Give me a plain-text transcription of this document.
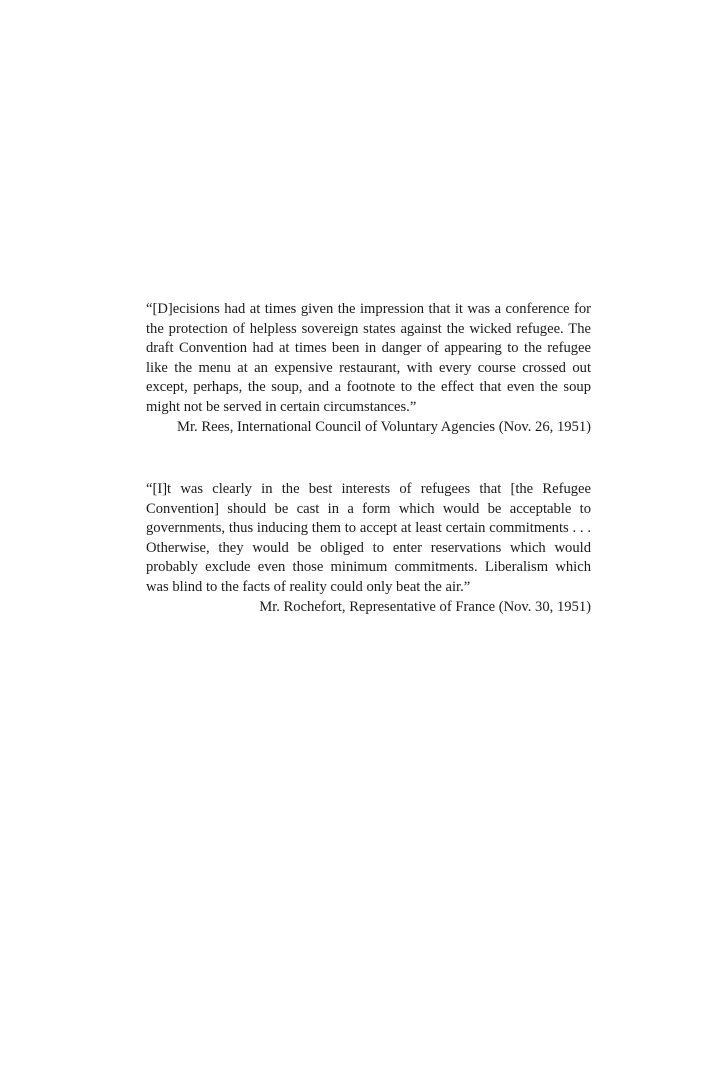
“[D]ecisions had at times given the impression that it was a conference for the protection of helpless sovereign states against the wicked refugee. The draft Convention had at times been in danger of appearing to the refugee like the menu at an expensive restaurant, with every course crossed out except, perhaps, the soup, and a footnote to the effect that even the soup might not be served in certain circumstances.”

Mr. Rees, International Council of Voluntary Agencies (Nov. 26, 1951)

“[I]t was clearly in the best interests of refugees that [the Refugee Convention] should be cast in a form which would be acceptable to governments, thus inducing them to accept at least certain commitments . . . Otherwise, they would be obliged to enter reservations which would probably exclude even those minimum commitments. Liberalism which was blind to the facts of reality could only beat the air.”

Mr. Rochefort, Representative of France (Nov. 30, 1951)
